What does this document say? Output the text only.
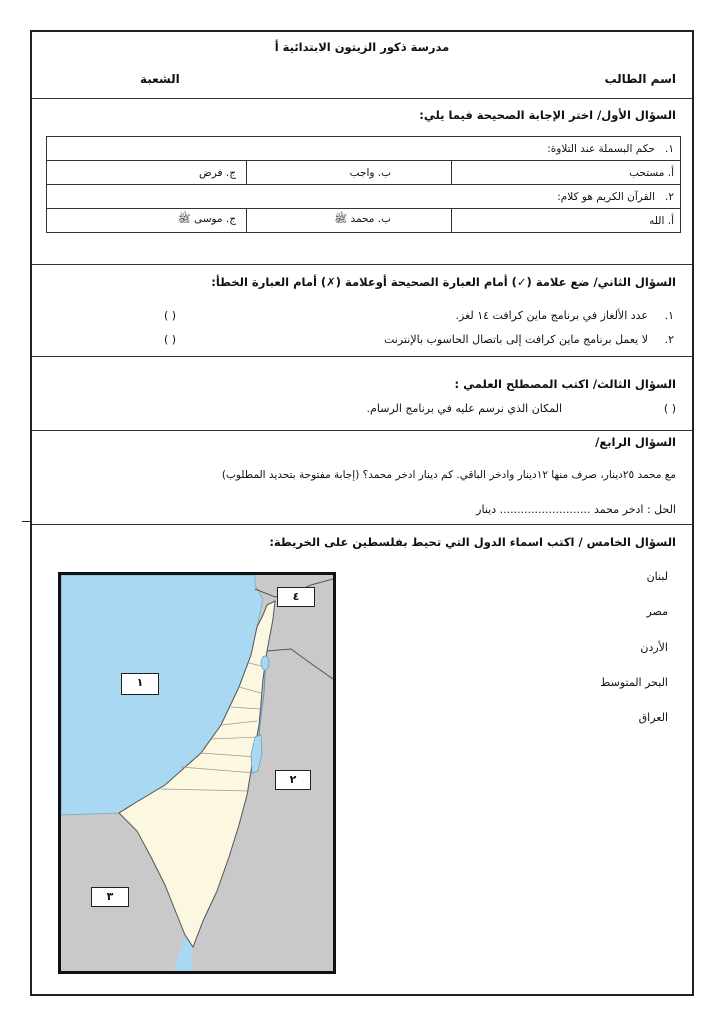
مدرسة ذكور الزيتون الابتدائية أ
اسم الطالب
الشعبة
السؤال الأول/ اختر الإجابة الصحيحة فيما يلي:
١.   حكم البسملة عند التلاوة:		
أ. مستحب	ب. واجب	ج. فرض
٢.   القرآن الكريم هو كلام:		
أ. الله	ب. محمد ﷺ	ج. موسى ﷺ
السؤال الثاني/ ضع علامة (✓) أمام العبارة الصحيحة أوعلامة (✗) أمام العبارة الخطأ:
١.
عدد الألغاز في برنامج ماين كرافت ١٤ لغز.
( )
٢.
لا يعمل برنامج ماين كرافت إلى باتصال الحاسوب بالإنترنت
( )
السؤال الثالث/ اكتب المصطلح العلمي :
( )
المكان الذي نرسم عليه في برنامج الرسام.
السؤال الرابع/
مع محمد ٢٥دينار، صرف منها ١٢دينار وادخر الباقي. كم دينار ادخر محمد؟ (إجابة مفتوحة بتحديد المطلوب)
الحل : ادخر محمد .......................... دينار
السؤال الخامس / اكتب اسماء الدول التي تحيط بفلسطين على الخريطة:
لبنان
مصر
الأردن
البحر المتوسط
العراق
١
٢
٣
٤
